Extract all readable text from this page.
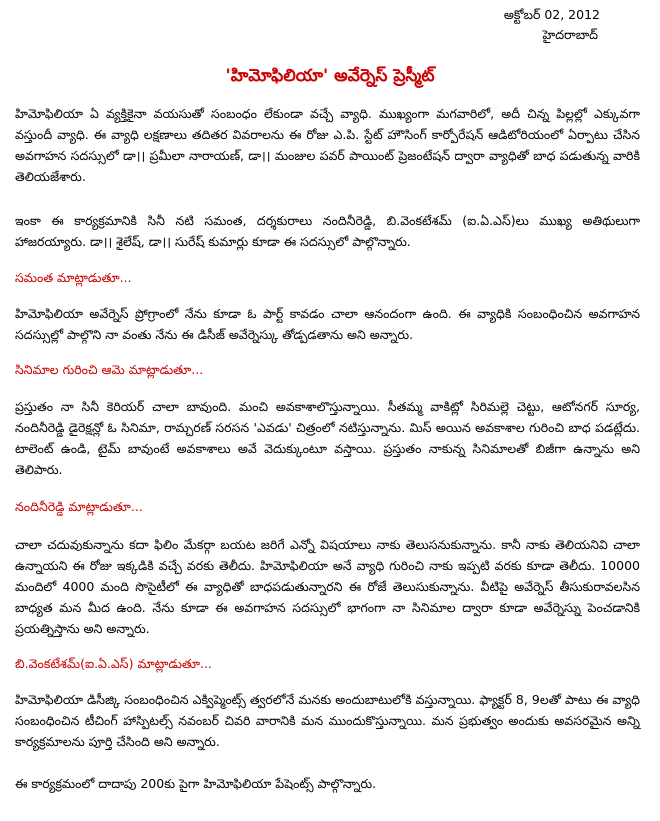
అక్టోబర్ 02, 2012
హైదరాబాద్
'హిమోఫిలియా' అవేర్నెస్ ప్రెస్మీట్

హిమోఫిలియా ఏ వ్యక్తికైనా వయసుతో సంబంధం లేకుండా వచ్చే వ్యాధి. ముఖ్యంగా మగవారిలో, అదీ చిన్న పిల్లల్లో ఎక్కువగా వస్తుందీ వ్యాధి. ఈ వ్యాధి లక్షణాలు తదితర వివరాలను ఈ రోజు ఎ.పి. స్టేట్ హౌసింగ్ కార్పోరేషన్ ఆడిటోరియంలో ఏర్పాటు చేసిన అవగాహన సదస్సులో డా।। ప్రమీలా నారాయణ్, డా।। మంజుల పవర్ పాయింట్ ప్రెజంటేషన్ ద్వారా వ్యాధితో బాధ పడుతున్న వారికి తెలియజేశారు.

ఇంకా ఈ కార్యక్రమానికి సినీ నటి సమంత, దర్శకురాలు నందినీరెడ్డి, బి.వెంకటేశమ్ (ఐ.ఏ.ఎస్)లు ముఖ్య అతిథులుగా హాజరయ్యారు. డా।। శైలేష్, డా।। సురేష్ కుమార్లు కూడా ఈ సదస్సులో పాల్గొన్నారు.

సమంత మాట్లాడుతూ...

హిమోఫిలియా అవేర్నెస్ ప్రోగ్రాంలో నేను కూడా ఓ పార్ట్ కావడం చాలా ఆనందంగా ఉంది. ఈ వ్యాధికి సంబంధించిన అవగాహన సదస్సుల్లో పాల్గొని నా వంతు నేను ఈ డిసీజ్ అవేర్నెస్కు తోడ్పడతాను అని అన్నారు.

సినిమాల గురించి ఆమె మాట్లాడుతూ...

ప్రస్తుతం నా సినీ కెరియర్ చాలా బావుంది. మంచి అవకాశాలొస్తున్నాయి. సీతమ్మ వాకిట్లో సిరిమల్లె చెట్టు, ఆటోనగర్ సూర్య, నందినీరెడ్డి డైరెక్షన్లో ఓ సినిమా, రామ్చరణ్ సరసన 'ఎవడు' చిత్రంలో నటిస్తున్నాను. మిస్ అయిన అవకాశాల గురించి బాధ పడట్లేదు. టాలెంట్ ఉండి, టైమ్ బావుంటే అవకాశాలు అవే వెదుక్కుంటూ వస్తాయి. ప్రస్తుతం నాకున్న సినిమాలతో బిజీగా ఉన్నాను అని తెలిపారు.

నందినీరెడ్డి మాట్లాడుతూ...

చాలా చదువుకున్నాను కదా ఫిలిం మేకర్గా బయట జరిగే ఎన్నో విషయాలు నాకు తెలుసనుకున్నాను. కానీ నాకు తెలియనివి చాలా ఉన్నాయని ఈ రోజు ఇక్కడికి వచ్చే వరకు తెలీదు. హిమోఫిలియా అనే వ్యాధి గురించి నాకు ఇప్పటి వరకు కూడా తెలీదు. 10000 మందిలో 4000 మంది సొసైటీలో ఈ వ్యాధితో బాధపడుతున్నారని ఈ రోజే తెలుసుకున్నాను. వీటిపై అవేర్నెస్ తీసుకురావలసిన బాధ్యత మన మీద ఉంది. నేను కూడా ఈ అవగాహన సదస్సులో భాగంగా నా సినిమాల ద్వారా కూడా అవేర్నెస్ను పెంచడానికి ప్రయత్నిస్తాను అని అన్నారు.

బి.వెంకటేశమ్(ఐ.ఏ.ఎస్) మాట్లాడుతూ...

హిమోఫిలియా డిసీజ్కి సంబంధించిన ఎక్విప్మెంట్స్ త్వరలోనే మనకు అందుబాటులోకి వస్తున్నాయి. ఫ్యాక్టర్ 8, 9లతో పాటు ఈ వ్యాధి సంబంధించిన టీచింగ్ హాస్పిటల్స్ నవంబర్ చివరి వారానికి మన ముందుకొస్తున్నాయి. మన ప్రభుత్వం అందుకు అవసరమైన అన్ని కార్యక్రమాలను పూర్తి చేసింది అని అన్నారు.

ఈ కార్యక్రమంలో దాదాపు 200కు పైగా హిమోఫిలియా పేషెంట్స్ పాల్గొన్నారు.
